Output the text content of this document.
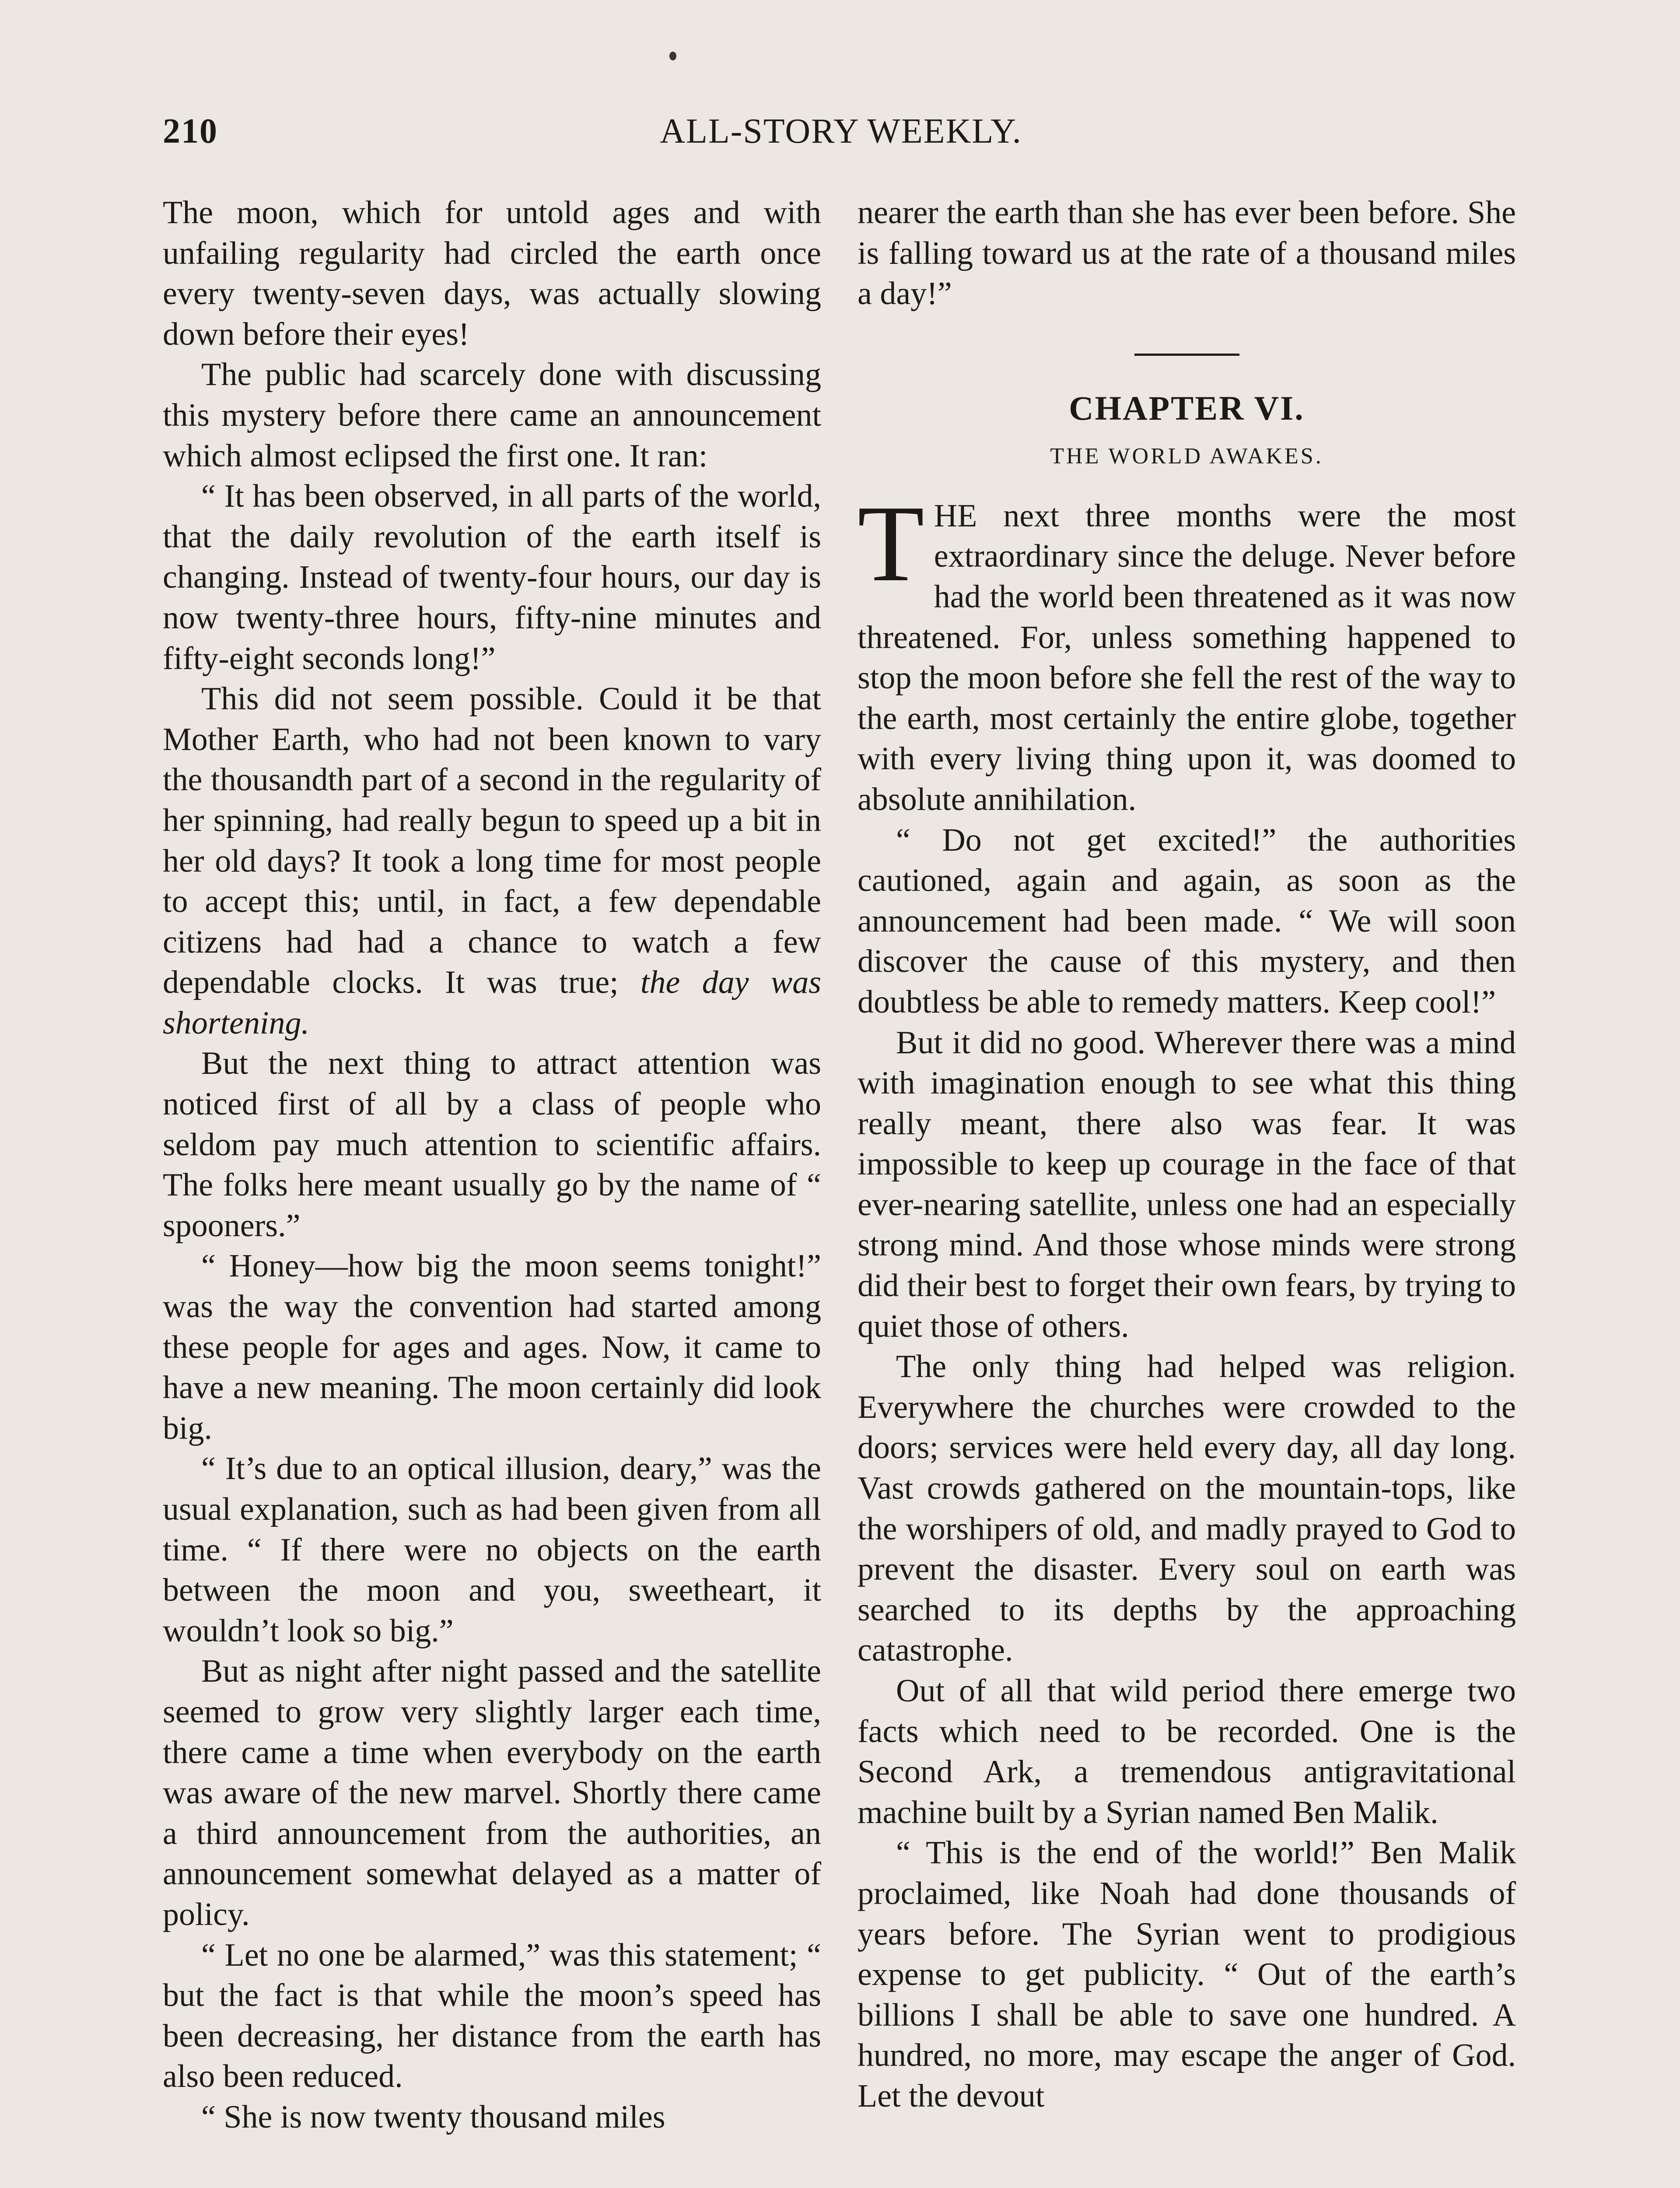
210	ALL-STORY WEEKLY.

The moon, which for untold ages and with unfailing regularity had circled the earth once every twenty-seven days, was actually slowing down before their eyes!

The public had scarcely done with discussing this mystery before there came an announcement which almost eclipsed the first one. It ran:

“ It has been observed, in all parts of the world, that the daily revolution of the earth itself is changing. Instead of twenty-four hours, our day is now twenty-three hours, fifty-nine minutes and fifty-eight seconds long!”

This did not seem possible. Could it be that Mother Earth, who had not been known to vary the thousandth part of a second in the regularity of her spinning, had really begun to speed up a bit in her old days? It took a long time for most people to accept this; until, in fact, a few dependable citizens had had a chance to watch a few dependable clocks. It was true; the day was shortening.

But the next thing to attract attention was noticed first of all by a class of people who seldom pay much attention to scientific affairs. The folks here meant usually go by the name of “ spooners.”

“ Honey—how big the moon seems tonight!” was the way the convention had started among these people for ages and ages. Now, it came to have a new meaning. The moon certainly did look big.

“ It’s due to an optical illusion, deary,” was the usual explanation, such as had been given from all time. “ If there were no objects on the earth between the moon and you, sweetheart, it wouldn’t look so big.”

But as night after night passed and the satellite seemed to grow very slightly larger each time, there came a time when everybody on the earth was aware of the new marvel. Shortly there came a third announcement from the authorities, an announcement somewhat delayed as a matter of policy.

“ Let no one be alarmed,” was this statement; “ but the fact is that while the moon’s speed has been decreasing, her distance from the earth has also been reduced.

“ She is now twenty thousand miles

nearer the earth than she has ever been before. She is falling toward us at the rate of a thousand miles a day!”

CHAPTER VI.
THE WORLD AWAKES.

THE next three months were the most extraordinary since the deluge. Never before had the world been threatened as it was now threatened. For, unless something happened to stop the moon before she fell the rest of the way to the earth, most certainly the entire globe, together with every living thing upon it, was doomed to absolute annihilation.

“ Do not get excited!” the authorities cautioned, again and again, as soon as the announcement had been made. “ We will soon discover the cause of this mystery, and then doubtless be able to remedy matters. Keep cool!”

But it did no good. Wherever there was a mind with imagination enough to see what this thing really meant, there also was fear. It was impossible to keep up courage in the face of that ever-nearing satellite, unless one had an especially strong mind. And those whose minds were strong did their best to forget their own fears, by trying to quiet those of others.

The only thing had helped was religion. Everywhere the churches were crowded to the doors; services were held every day, all day long. Vast crowds gathered on the mountain-tops, like the worshipers of old, and madly prayed to God to prevent the disaster. Every soul on earth was searched to its depths by the approaching catastrophe.

Out of all that wild period there emerge two facts which need to be recorded. One is the Second Ark, a tremendous antigravitational machine built by a Syrian named Ben Malik.

“ This is the end of the world!” Ben Malik proclaimed, like Noah had done thousands of years before. The Syrian went to prodigious expense to get publicity. “ Out of the earth’s billions I shall be able to save one hundred. A hundred, no more, may escape the anger of God. Let the devout
